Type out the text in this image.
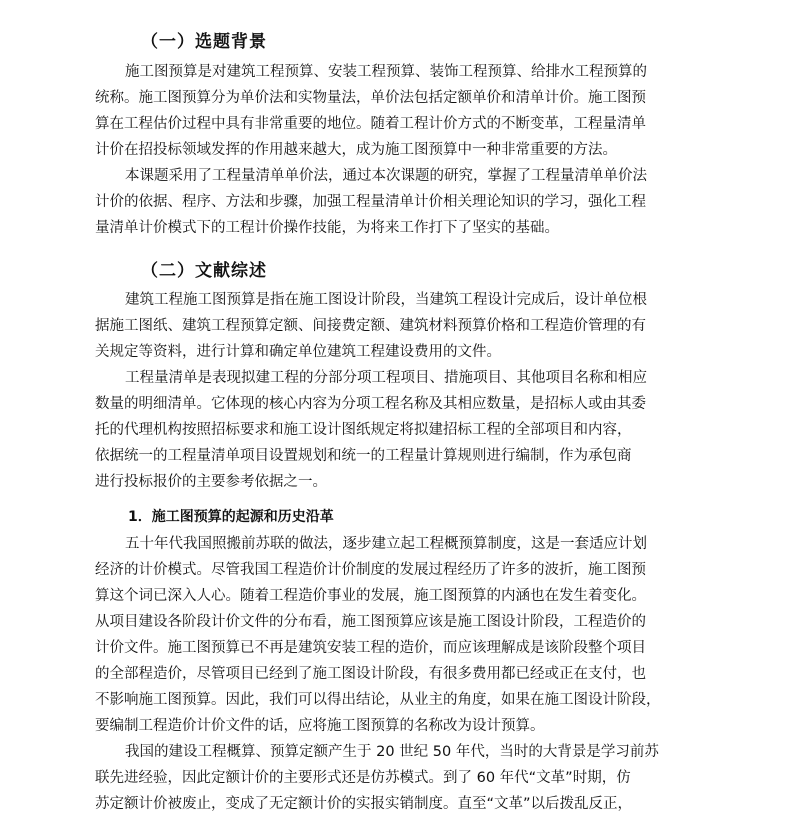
（一）选题背景
施工图预算是对建筑工程预算、安装工程预算、装饰工程预算、给排水工程预算的
统称。施工图预算分为单价法和实物量法，单价法包括定额单价和清单计价。施工图预
算在工程估价过程中具有非常重要的地位。随着工程计价方式的不断变革，工程量清单
计价在招投标领域发挥的作用越来越大，成为施工图预算中一种非常重要的方法。
本课题采用了工程量清单单价法，通过本次课题的研究，掌握了工程量清单单价法
计价的依据、程序、方法和步骤，加强工程量清单计价相关理论知识的学习，强化工程
量清单计价模式下的工程计价操作技能，为将来工作打下了坚实的基础。
（二）文献综述
建筑工程施工图预算是指在施工图设计阶段，当建筑工程设计完成后，设计单位根
据施工图纸、建筑工程预算定额、间接费定额、建筑材料预算价格和工程造价管理的有
关规定等资料，进行计算和确定单位建筑工程建设费用的文件。
工程量清单是表现拟建工程的分部分项工程项目、措施项目、其他项目名称和相应
数量的明细清单。它体现的核心内容为分项工程名称及其相应数量，是招标人或由其委
托的代理机构按照招标要求和施工设计图纸规定将拟建招标工程的全部项目和内容，
依据统一的工程量清单项目设置规划和统一的工程量计算规则进行编制，作为承包商
进行投标报价的主要参考依据之一。
1．施工图预算的起源和历史沿革
五十年代我国照搬前苏联的做法，逐步建立起工程概预算制度，这是一套适应计划
经济的计价模式。尽管我国工程造价计价制度的发展过程经历了许多的波折，施工图预
算这个词已深入人心。随着工程造价事业的发展，施工图预算的内涵也在发生着变化。
从项目建设各阶段计价文件的分布看，施工图预算应该是施工图设计阶段，工程造价的
计价文件。施工图预算已不再是建筑安装工程的造价，而应该理解成是该阶段整个项目
的全部程造价，尽管项目已经到了施工图设计阶段，有很多费用都已经或正在支付，也
不影响施工图预算。因此，我们可以得出结论，从业主的角度，如果在施工图设计阶段，
要编制工程造价计价文件的话，应将施工图预算的名称改为设计预算。
我国的建设工程概算、预算定额产生于 20 世纪 50 年代，当时的大背景是学习前苏
联先进经验，因此定额计价的主要形式还是仿苏模式。到了 60 年代“文革”时期，仿
苏定额计价被废止，变成了无定额计价的实报实销制度。直至“文革”以后拨乱反正，
